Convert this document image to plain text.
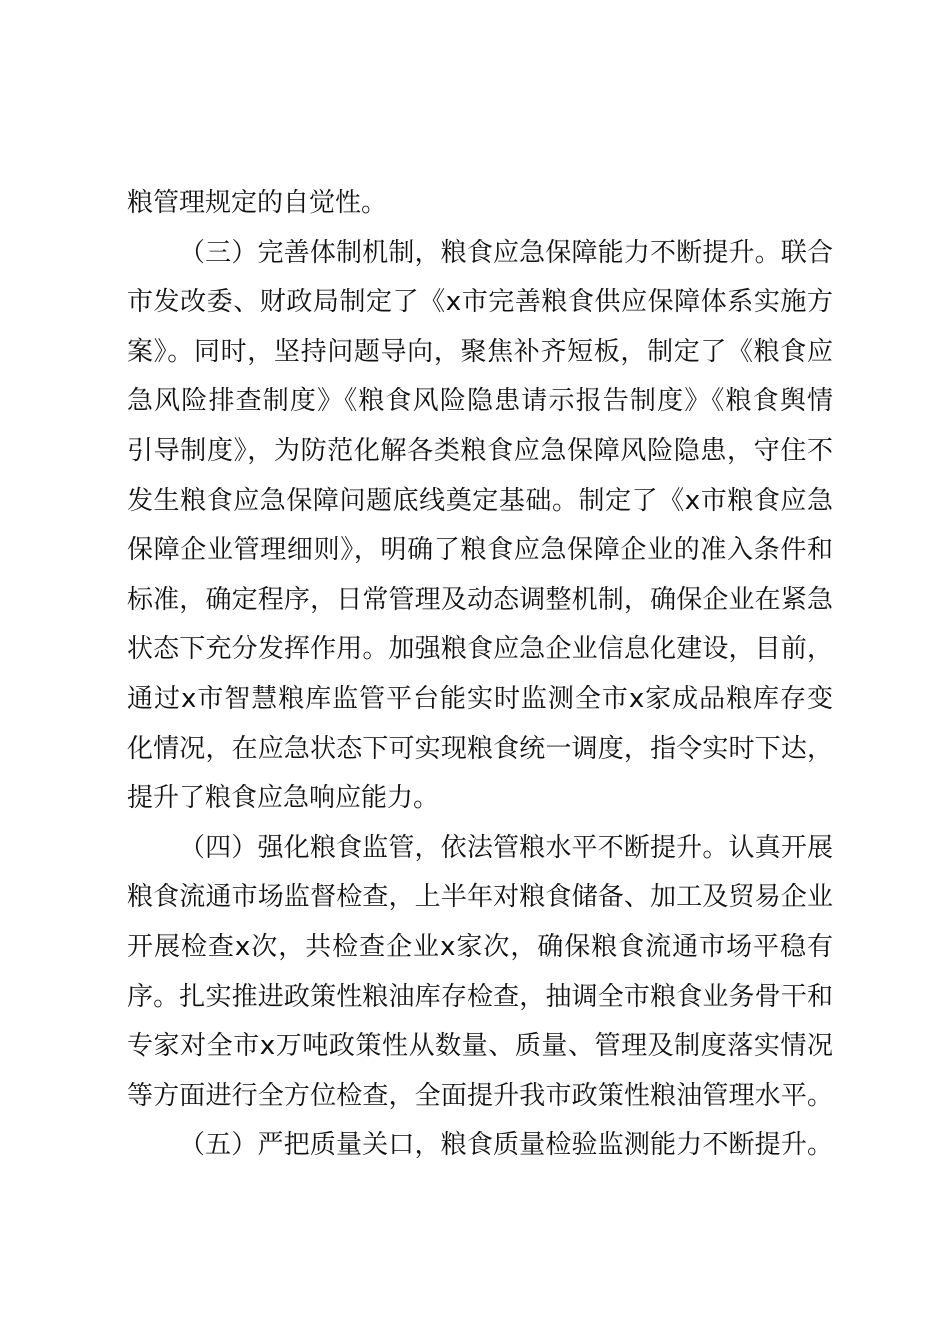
粮管理规定的自觉性。
（三）完善体制机制，粮食应急保障能力不断提升。联合
市发改委、财政局制定了《x市完善粮食供应保障体系实施方
案》。同时，坚持问题导向，聚焦补齐短板，制定了《粮食应
急风险排查制度》《粮食风险隐患请示报告制度》《粮食舆情
引导制度》，为防范化解各类粮食应急保障风险隐患，守住不
发生粮食应急保障问题底线奠定基础。制定了《x市粮食应急
保障企业管理细则》，明确了粮食应急保障企业的准入条件和
标准，确定程序，日常管理及动态调整机制，确保企业在紧急
状态下充分发挥作用。加强粮食应急企业信息化建设，目前，
通过x市智慧粮库监管平台能实时监测全市x家成品粮库存变
化情况，在应急状态下可实现粮食统一调度，指令实时下达，
提升了粮食应急响应能力。
（四）强化粮食监管，依法管粮水平不断提升。认真开展
粮食流通市场监督检查，上半年对粮食储备、加工及贸易企业
开展检查x次，共检查企业x家次，确保粮食流通市场平稳有
序。扎实推进政策性粮油库存检查，抽调全市粮食业务骨干和
专家对全市x万吨政策性从数量、质量、管理及制度落实情况
等方面进行全方位检查，全面提升我市政策性粮油管理水平。
（五）严把质量关口，粮食质量检验监测能力不断提升。
